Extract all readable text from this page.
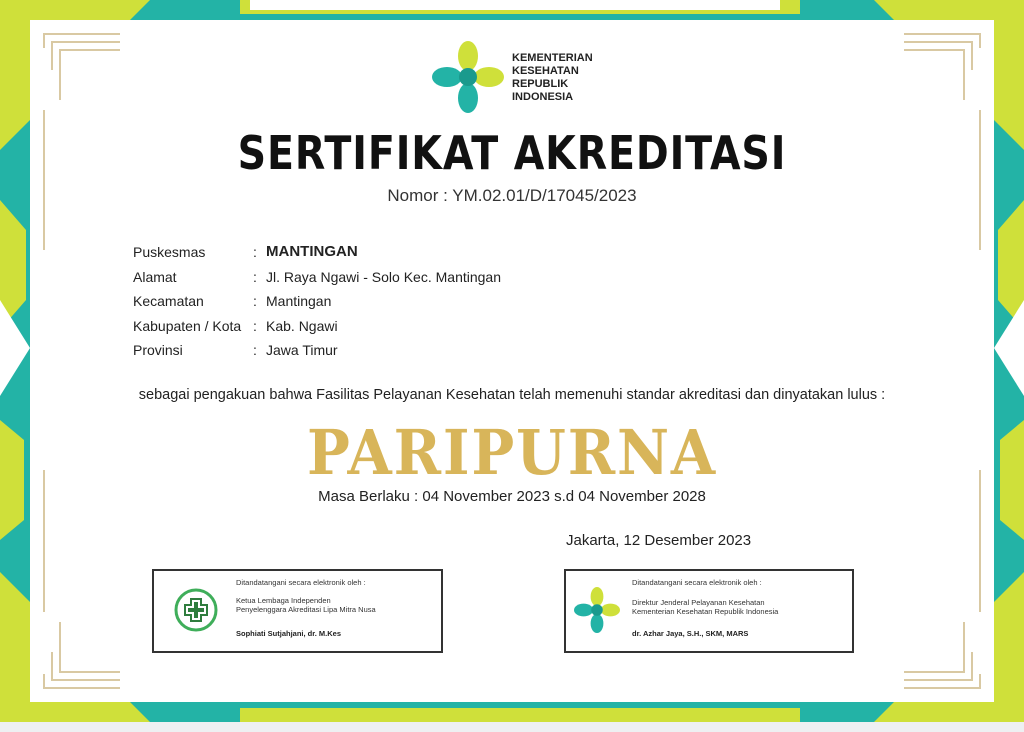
KEMENTERIAN
KESEHATAN
REPUBLIK
INDONESIA
SERTIFIKAT AKREDITASI
Nomor : YM.02.01/D/17045/2023
Puskesmas	: MANTINGAN
Alamat	: Jl. Raya Ngawi - Solo Kec. Mantingan
Kecamatan	: Mantingan
Kabupaten / Kota : Kab. Ngawi
Provinsi	: Jawa Timur
sebagai pengakuan bahwa Fasilitas Pelayanan Kesehatan telah memenuhi standar akreditasi dan dinyatakan lulus :
PARIPURNA
Masa Berlaku : 04 November 2023 s.d 04 November 2028
Jakarta, 12 Desember 2023
Ditandatangani secara elektronik oleh :
Ketua Lembaga Independen
Penyelenggara Akreditasi Lipa Mitra Nusa
Sophiati Sutjahjani, dr. M.Kes
Ditandatangani secara elektronik oleh :
Direktur Jenderal Pelayanan Kesehatan
Kementerian Kesehatan Republik Indonesia
dr. Azhar Jaya, S.H., SKM, MARS
